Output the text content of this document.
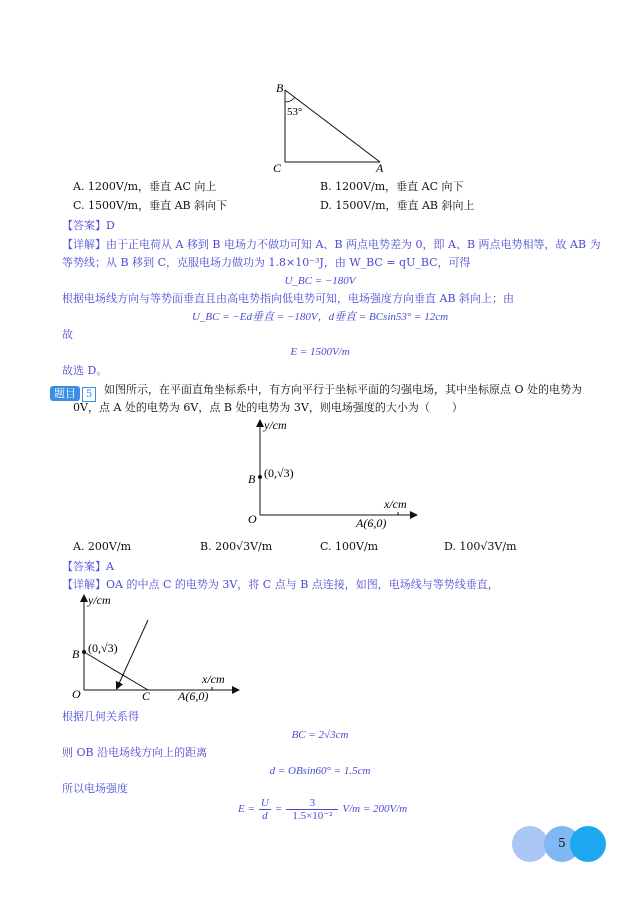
B
53°
C	A
A. 1200V/m，垂直 AC 向上	B. 1200V/m，垂直 AC 向下
C. 1500V/m，垂直 AB 斜向下	D. 1500V/m，垂直 AB 斜向上
【答案】D
【详解】由于正电荷从 A 移到 B 电场力不做功可知 A、B 两点电势差为 0，即 A、B 两点电势相等，故 AB 为
等势线；从 B 移到 C，克服电场力做功为 1.8×10⁻³J，由 W_BC = qU_BC，可得
U_BC = −180V
根据电场线方向与等势面垂直且由高电势指向低电势可知，电场强度方向垂直 AB 斜向上；由
U_BC = −Ed垂直 = −180V，d垂直 = BCsin53° = 12cm
故
E = 1500V/m
故选 D。
题目 5	如图所示，在平面直角坐标系中，有方向平行于坐标平面的匀强电场，其中坐标原点 O 处的电势为
0V，点 A 处的电势为 6V，点 B 处的电势为 3V，则电场强度的大小为（　　）
y/cm
x/cm
B (0,√3)
O	A(6,0)
A. 200V/m	B. 200√3V/m	C. 100V/m	D. 100√3V/m
【答案】A
【详解】OA 的中点 C 的电势为 3V，将 C 点与 B 点连接，如图，电场线与等势线垂直，
y/cm
x/cm
B (0,√3)
O	C A(6,0)
根据几何关系得
BC = 2√3cm
则 OB 沿电场线方向上的距离
d = OBsin60° = 1.5cm
所以电场强度
E =
U
d
=
3
1.5×10⁻²
V/m = 200V/m
5
